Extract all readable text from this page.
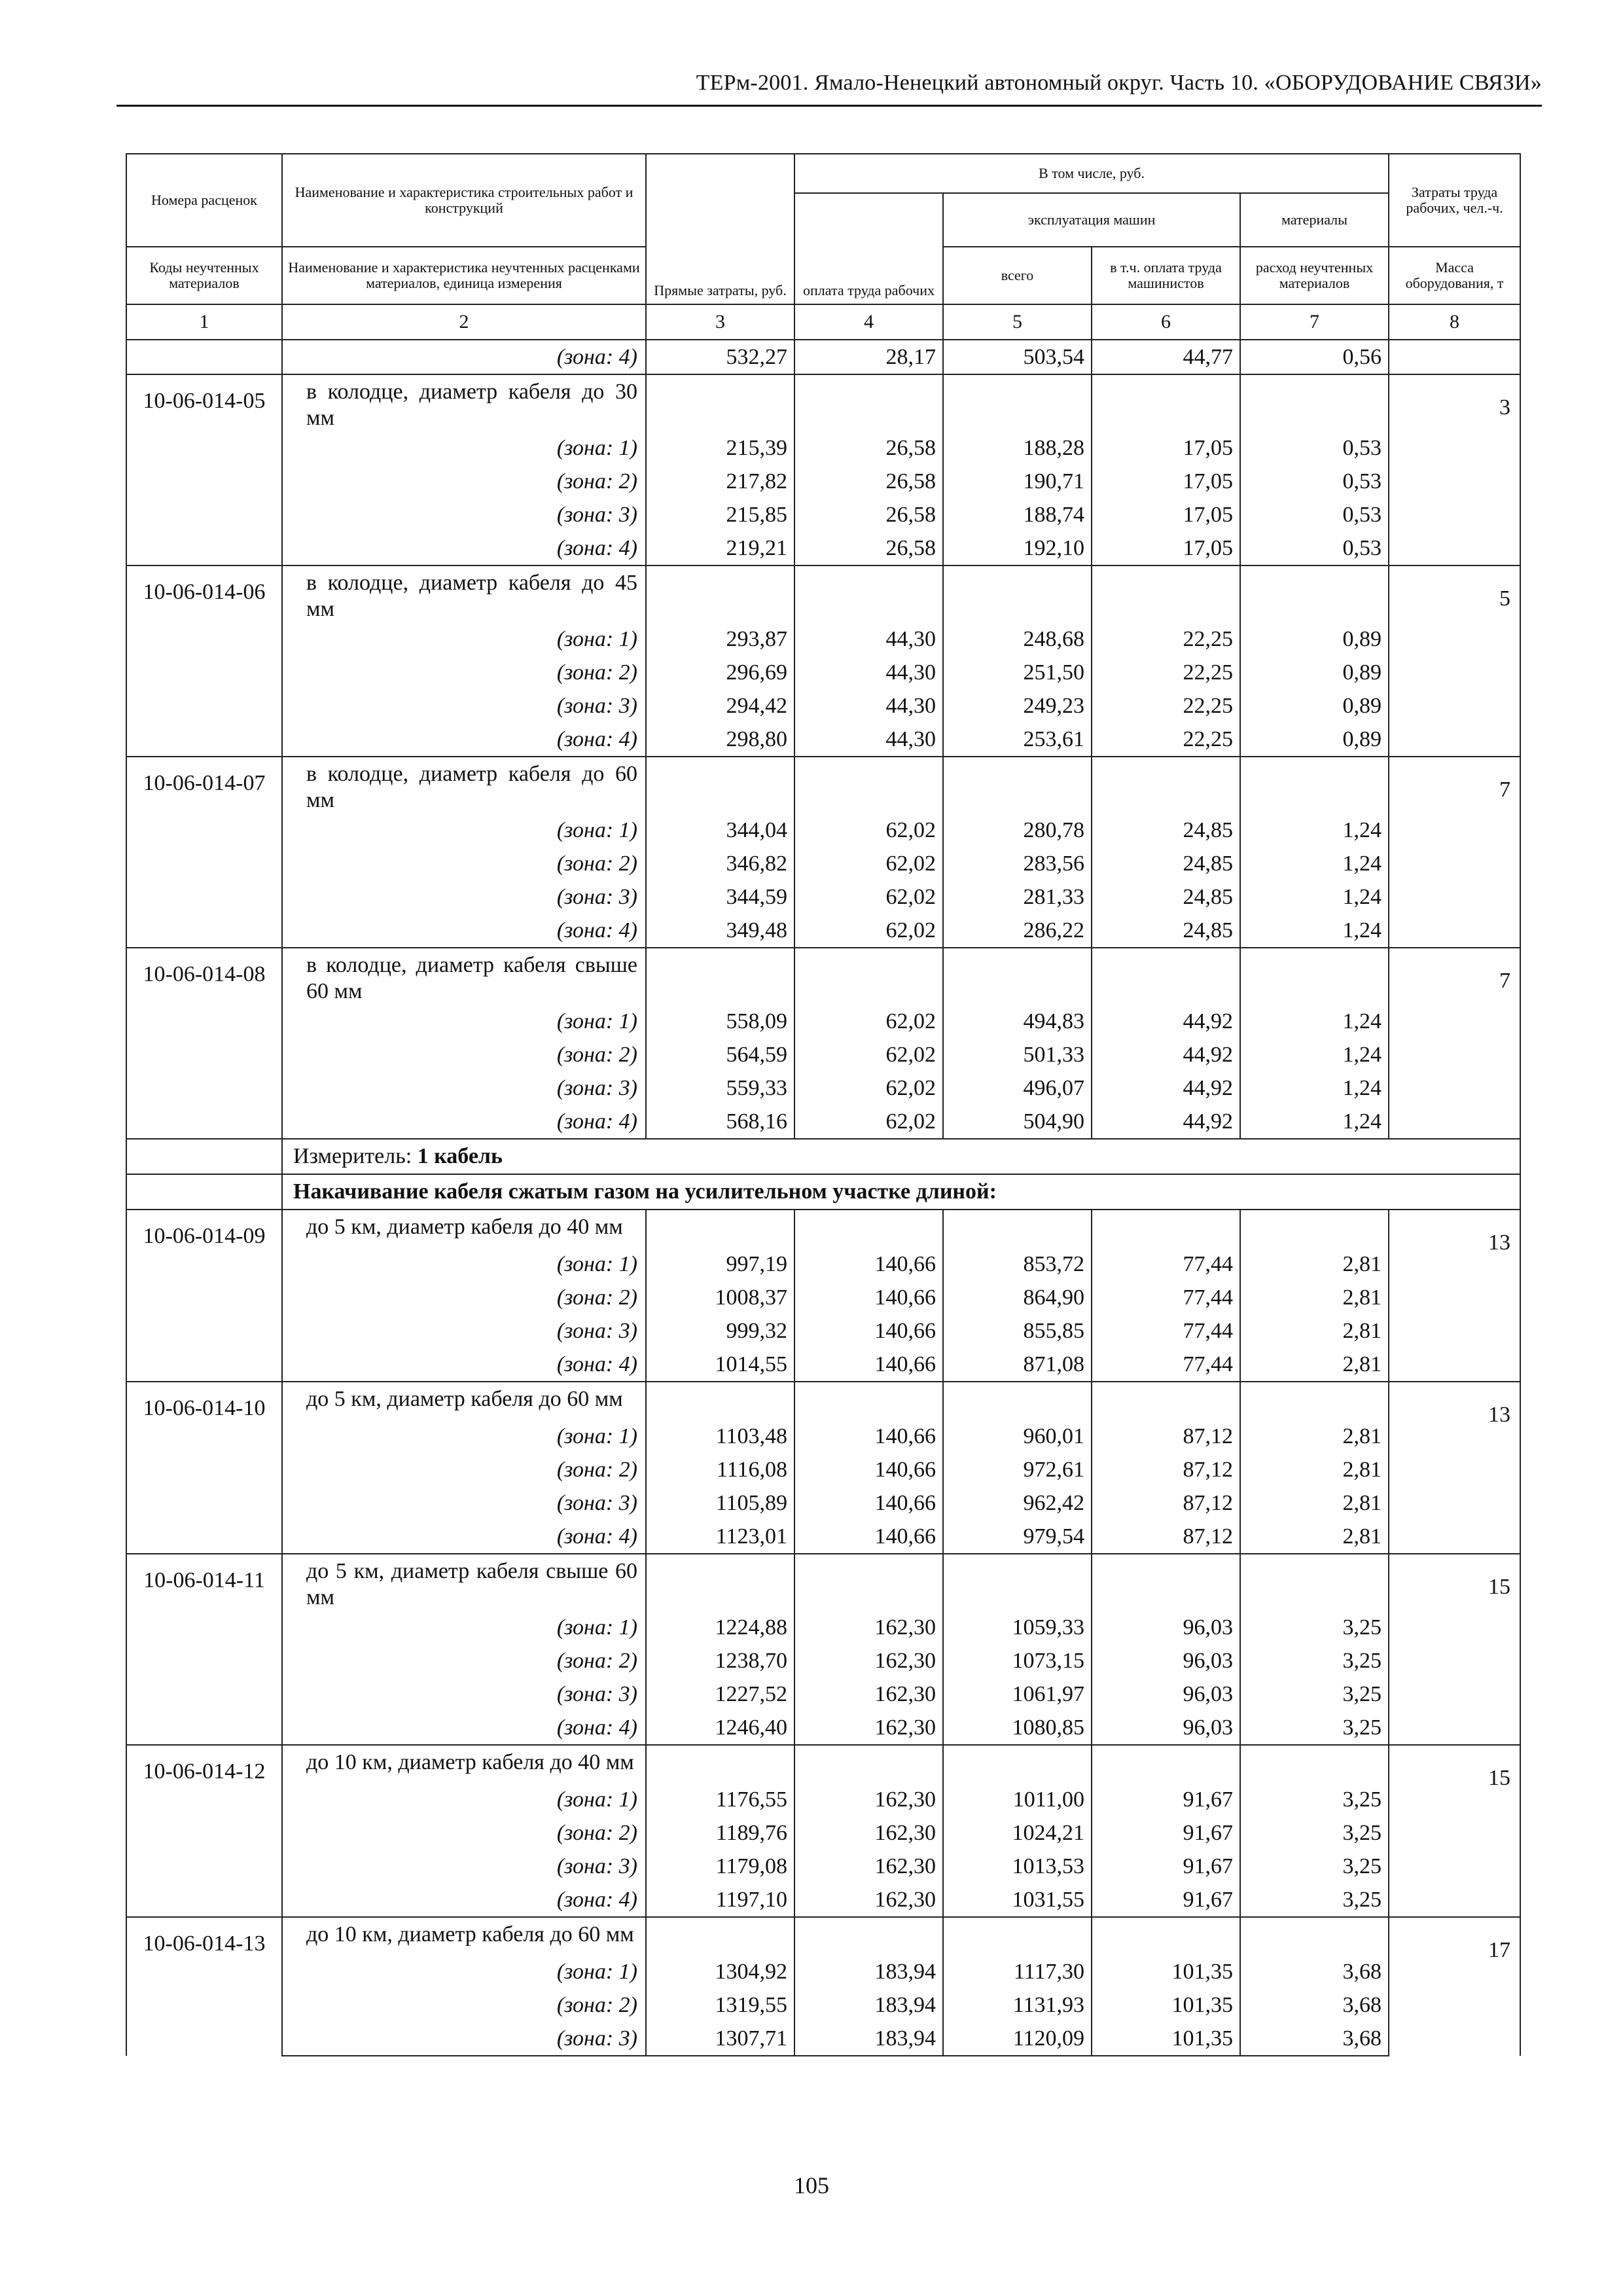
ТЕРм-2001. Ямало-Ненецкий автономный округ. Часть 10. «ОБОРУДОВАНИЕ СВЯЗИ»
Номера расценок	Наименование и характеристика строительных работ и конструкций	Прямые затраты, руб.	В том числе, руб.				Затраты труда рабочих, чел.-ч.
			оплата труда рабочих	эксплуатация машин		материалы	
Коды неучтенных материалов	Наименование и характеристика неучтенных расценками материалов, единица измерения			всего	в т.ч. оплата труда машинистов	расход неучтенных материалов	Масса оборудования, т
1	2	3	4	5	6	7	8
	(зона: 4)	532,27	28,17	503,54	44,77	0,56	
10-06-014-05	в колодце, диаметр кабеля до 30 мм						3
	(зона: 1)	215,39	26,58	188,28	17,05	0,53	
	(зона: 2)	217,82	26,58	190,71	17,05	0,53	
	(зона: 3)	215,85	26,58	188,74	17,05	0,53	
	(зона: 4)	219,21	26,58	192,10	17,05	0,53	
10-06-014-06	в колодце, диаметр кабеля до 45 мм						5
	(зона: 1)	293,87	44,30	248,68	22,25	0,89	
	(зона: 2)	296,69	44,30	251,50	22,25	0,89	
	(зона: 3)	294,42	44,30	249,23	22,25	0,89	
	(зона: 4)	298,80	44,30	253,61	22,25	0,89	
10-06-014-07	в колодце, диаметр кабеля до 60 мм						7
	(зона: 1)	344,04	62,02	280,78	24,85	1,24	
	(зона: 2)	346,82	62,02	283,56	24,85	1,24	
	(зона: 3)	344,59	62,02	281,33	24,85	1,24	
	(зона: 4)	349,48	62,02	286,22	24,85	1,24	
10-06-014-08	в колодце, диаметр кабеля свыше 60 мм						7
	(зона: 1)	558,09	62,02	494,83	44,92	1,24	
	(зона: 2)	564,59	62,02	501,33	44,92	1,24	
	(зона: 3)	559,33	62,02	496,07	44,92	1,24	
	(зона: 4)	568,16	62,02	504,90	44,92	1,24	
	Измеритель: 1 кабель						
	Накачивание кабеля сжатым газом на усилительном участке длиной:						
10-06-014-09	до 5 км, диаметр кабеля до 40 мм						13
	(зона: 1)	997,19	140,66	853,72	77,44	2,81	
	(зона: 2)	1008,37	140,66	864,90	77,44	2,81	
	(зона: 3)	999,32	140,66	855,85	77,44	2,81	
	(зона: 4)	1014,55	140,66	871,08	77,44	2,81	
10-06-014-10	до 5 км, диаметр кабеля до 60 мм						13
	(зона: 1)	1103,48	140,66	960,01	87,12	2,81	
	(зона: 2)	1116,08	140,66	972,61	87,12	2,81	
	(зона: 3)	1105,89	140,66	962,42	87,12	2,81	
	(зона: 4)	1123,01	140,66	979,54	87,12	2,81	
10-06-014-11	до 5 км, диаметр кабеля свыше 60 мм						15
	(зона: 1)	1224,88	162,30	1059,33	96,03	3,25	
	(зона: 2)	1238,70	162,30	1073,15	96,03	3,25	
	(зона: 3)	1227,52	162,30	1061,97	96,03	3,25	
	(зона: 4)	1246,40	162,30	1080,85	96,03	3,25	
10-06-014-12	до 10 км, диаметр кабеля до 40 мм						15
	(зона: 1)	1176,55	162,30	1011,00	91,67	3,25	
	(зона: 2)	1189,76	162,30	1024,21	91,67	3,25	
	(зона: 3)	1179,08	162,30	1013,53	91,67	3,25	
	(зона: 4)	1197,10	162,30	1031,55	91,67	3,25	
10-06-014-13	до 10 км, диаметр кабеля до 60 мм						17
	(зона: 1)	1304,92	183,94	1117,30	101,35	3,68	
	(зона: 2)	1319,55	183,94	1131,93	101,35	3,68	
	(зона: 3)	1307,71	183,94	1120,09	101,35	3,68	
105
